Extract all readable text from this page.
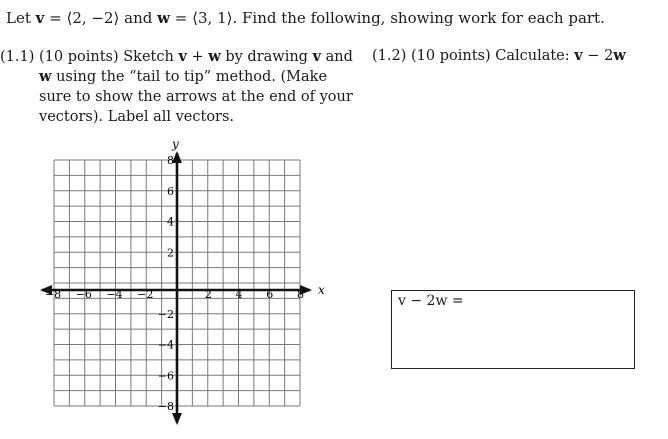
Let v = ⟨2, −2⟩ and w = ⟨3, 1⟩. Find the following, showing work for each part.
(1.1) (10 points) Sketch v + w by drawing v and
w using the “tail to tip” method. (Make sure to show the arrows at the end of your vectors). Label all vectors.
(1.2) (10 points) Calculate: v − 2w
−8 −6 −4 −2	2 4 6 8
8
6
4
2
−2
−4
−6
−8
x
y
v − 2w =
